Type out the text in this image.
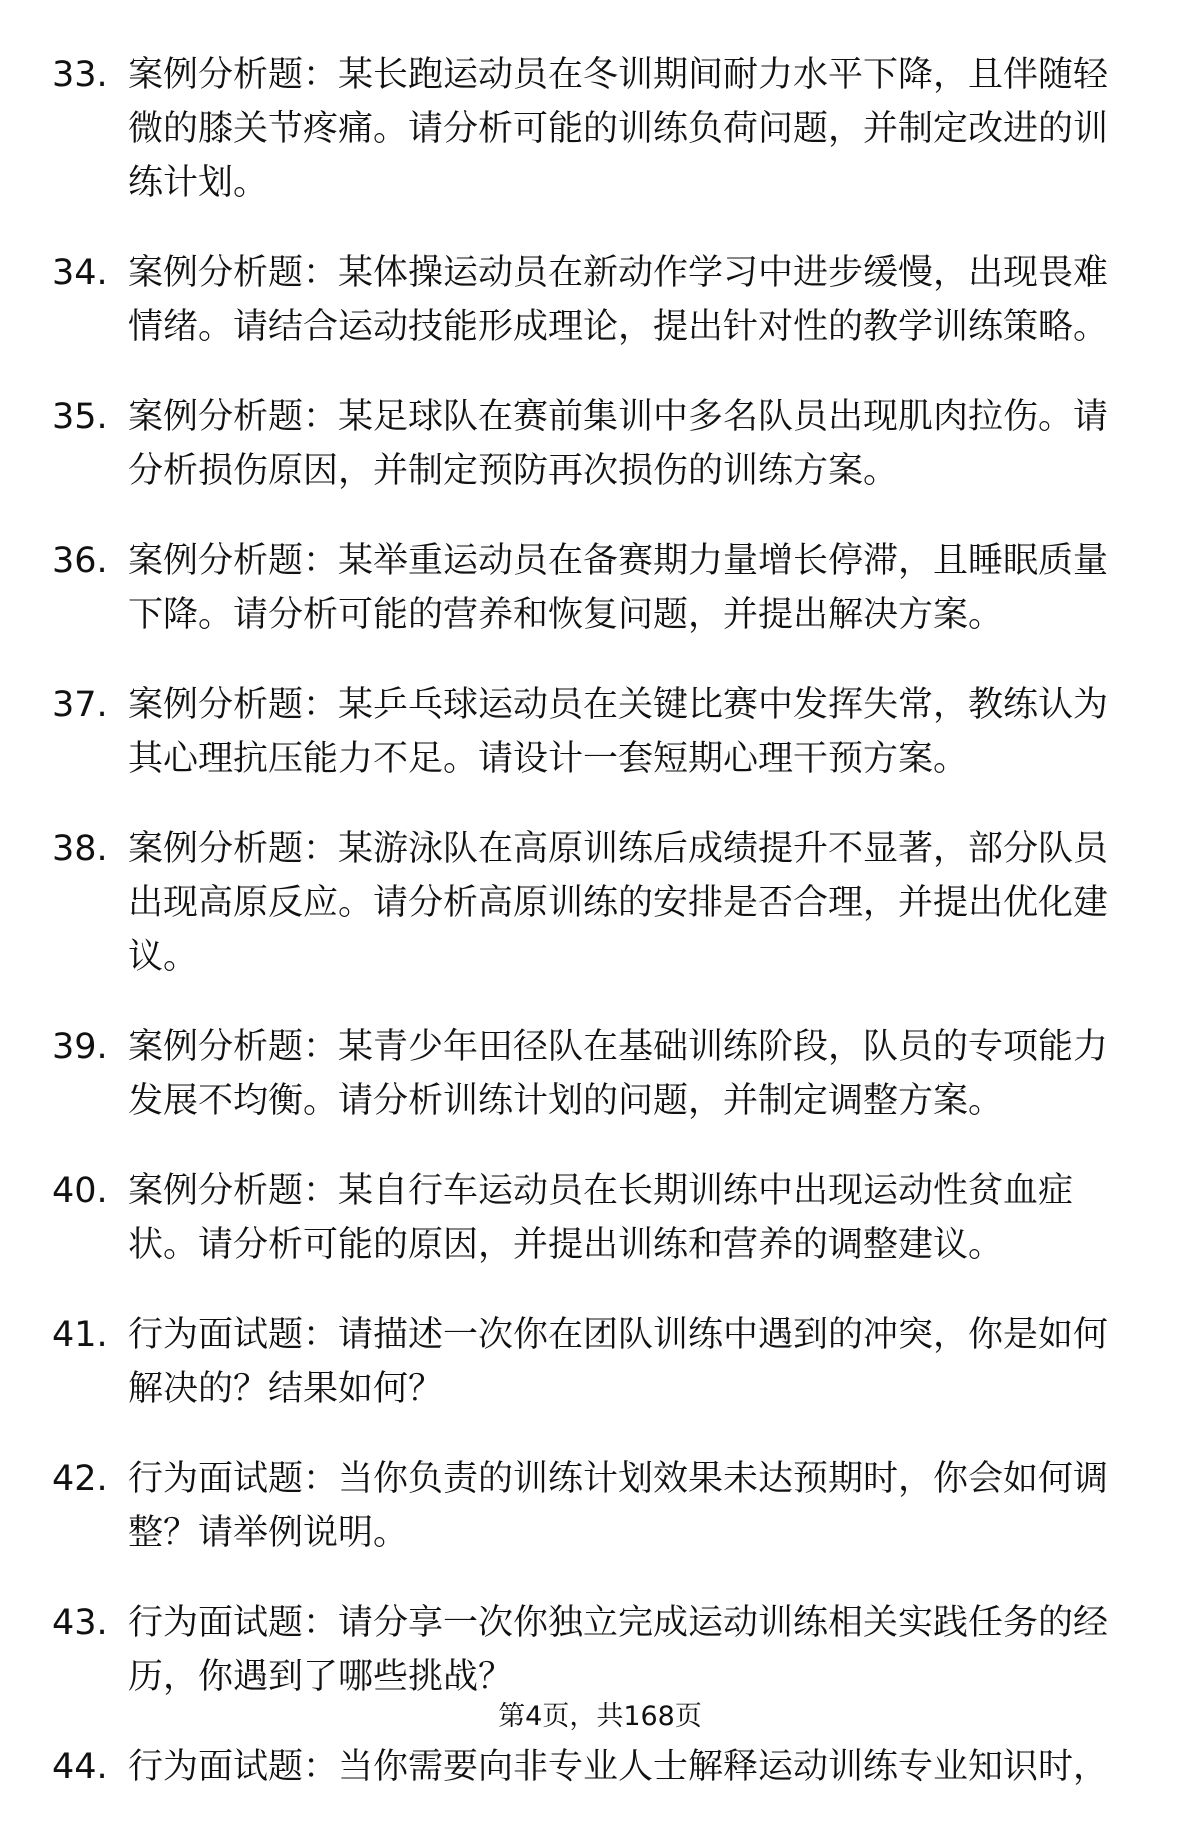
33. 案例分析题：某长跑运动员在冬训期间耐力水平下降，且伴随轻微的膝关节疼痛。请分析可能的训练负荷问题，并制定改进的训练计划。
34. 案例分析题：某体操运动员在新动作学习中进步缓慢，出现畏难情绪。请结合运动技能形成理论，提出针对性的教学训练策略。
35. 案例分析题：某足球队在赛前集训中多名队员出现肌肉拉伤。请分析损伤原因，并制定预防再次损伤的训练方案。
36. 案例分析题：某举重运动员在备赛期力量增长停滞，且睡眠质量下降。请分析可能的营养和恢复问题，并提出解决方案。
37. 案例分析题：某乒乓球运动员在关键比赛中发挥失常，教练认为其心理抗压能力不足。请设计一套短期心理干预方案。
38. 案例分析题：某游泳队在高原训练后成绩提升不显著，部分队员出现高原反应。请分析高原训练的安排是否合理，并提出优化建议。
39. 案例分析题：某青少年田径队在基础训练阶段，队员的专项能力发展不均衡。请分析训练计划的问题，并制定调整方案。
40. 案例分析题：某自行车运动员在长期训练中出现运动性贫血症状。请分析可能的原因，并提出训练和营养的调整建议。
41. 行为面试题：请描述一次你在团队训练中遇到的冲突，你是如何解决的？结果如何？
42. 行为面试题：当你负责的训练计划效果未达预期时，你会如何调整？请举例说明。
43. 行为面试题：请分享一次你独立完成运动训练相关实践任务的经历，你遇到了哪些挑战？
44. 行为面试题：当你需要向非专业人士解释运动训练专业知识时，
第4页，共168页
